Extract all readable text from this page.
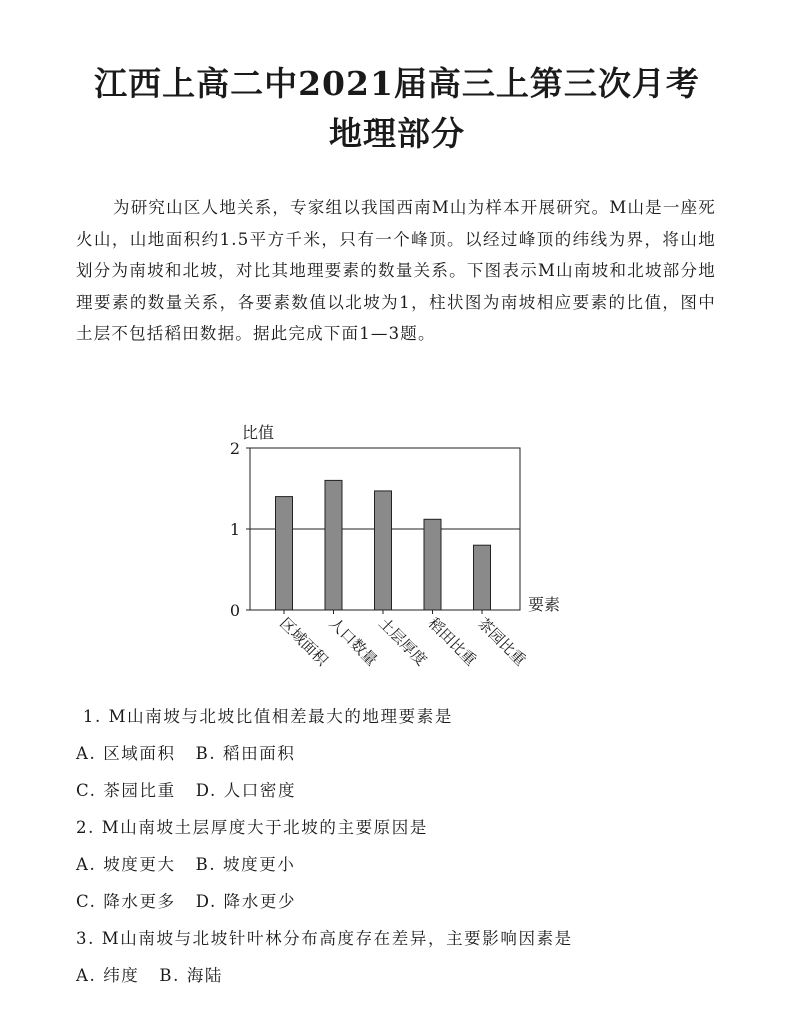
江西上高二中2021届高三上第三次月考
地理部分

为研究山区人地关系，专家组以我国西南M山为样本开展研究。M山是一座死火山，山地面积约1.5平方千米，只有一个峰顶。以经过峰顶的纬线为界，将山地划分为南坡和北坡，对比其地理要素的数量关系。下图表示M山南坡和北坡部分地理要素的数量关系，各要素数值以北坡为1，柱状图为南坡相应要素的比值，图中土层不包括稻田数据。据此完成下面1—3题。

比值
要素
0
1
2
区域面积
人口数量
土层厚度
稻田比重
茶园比重
1. M山南坡与北坡比值相差最大的地理要素是
A. 区域面积 B. 稻田面积
C. 茶园比重 D. 人口密度
2. M山南坡土层厚度大于北坡的主要原因是
A. 坡度更大 B. 坡度更小
C. 降水更多 D. 降水更少
3. M山南坡与北坡针叶林分布高度存在差异，主要影响因素是
A. 纬度 B. 海陆
